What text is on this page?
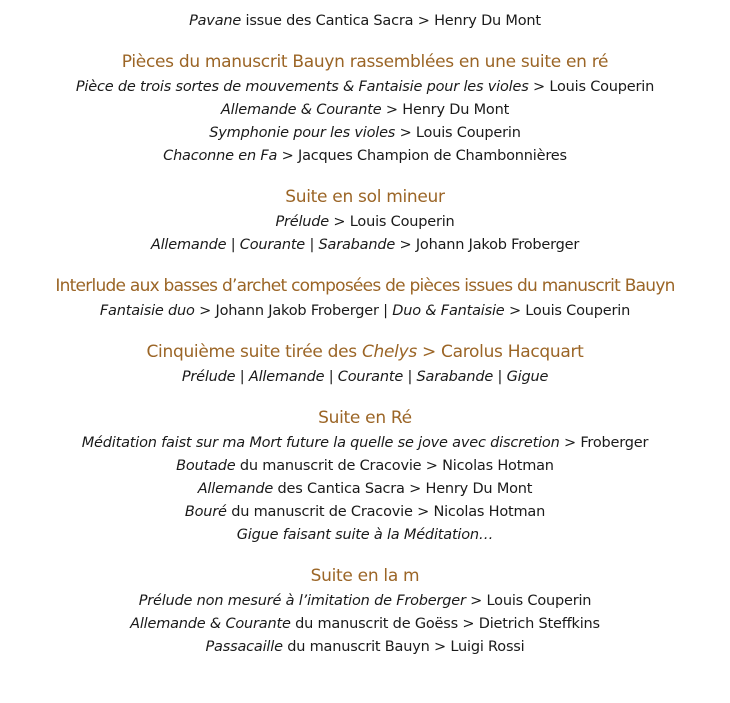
Pavane issue des Cantica Sacra > Henry Du Mont
Pièces du manuscrit Bauyn rassemblées en une suite en ré
Pièce de trois sortes de mouvements & Fantaisie pour les violes > Louis Couperin
Allemande & Courante > Henry Du Mont
Symphonie pour les violes > Louis Couperin
Chaconne en Fa > Jacques Champion de Chambonnières
Suite en sol mineur
Prélude > Louis Couperin
Allemande | Courante | Sarabande > Johann Jakob Froberger
Interlude aux basses d’archet composées de pièces issues du manuscrit Bauyn
Fantaisie duo > Johann Jakob Froberger | Duo & Fantaisie > Louis Couperin
Cinquième suite tirée des Chelys > Carolus Hacquart
Prélude | Allemande | Courante | Sarabande | Gigue
Suite en Ré
Méditation faist sur ma Mort future la quelle se jove avec discretion > Froberger
Boutade du manuscrit de Cracovie > Nicolas Hotman
Allemande des Cantica Sacra > Henry Du Mont
Bouré du manuscrit de Cracovie > Nicolas Hotman
Gigue faisant suite à la Méditation…
Suite en la m
Prélude non mesuré à l’imitation de Froberger > Louis Couperin
Allemande & Courante du manuscrit de Goëss > Dietrich Steffkins
Passacaille du manuscrit Bauyn > Luigi Rossi
